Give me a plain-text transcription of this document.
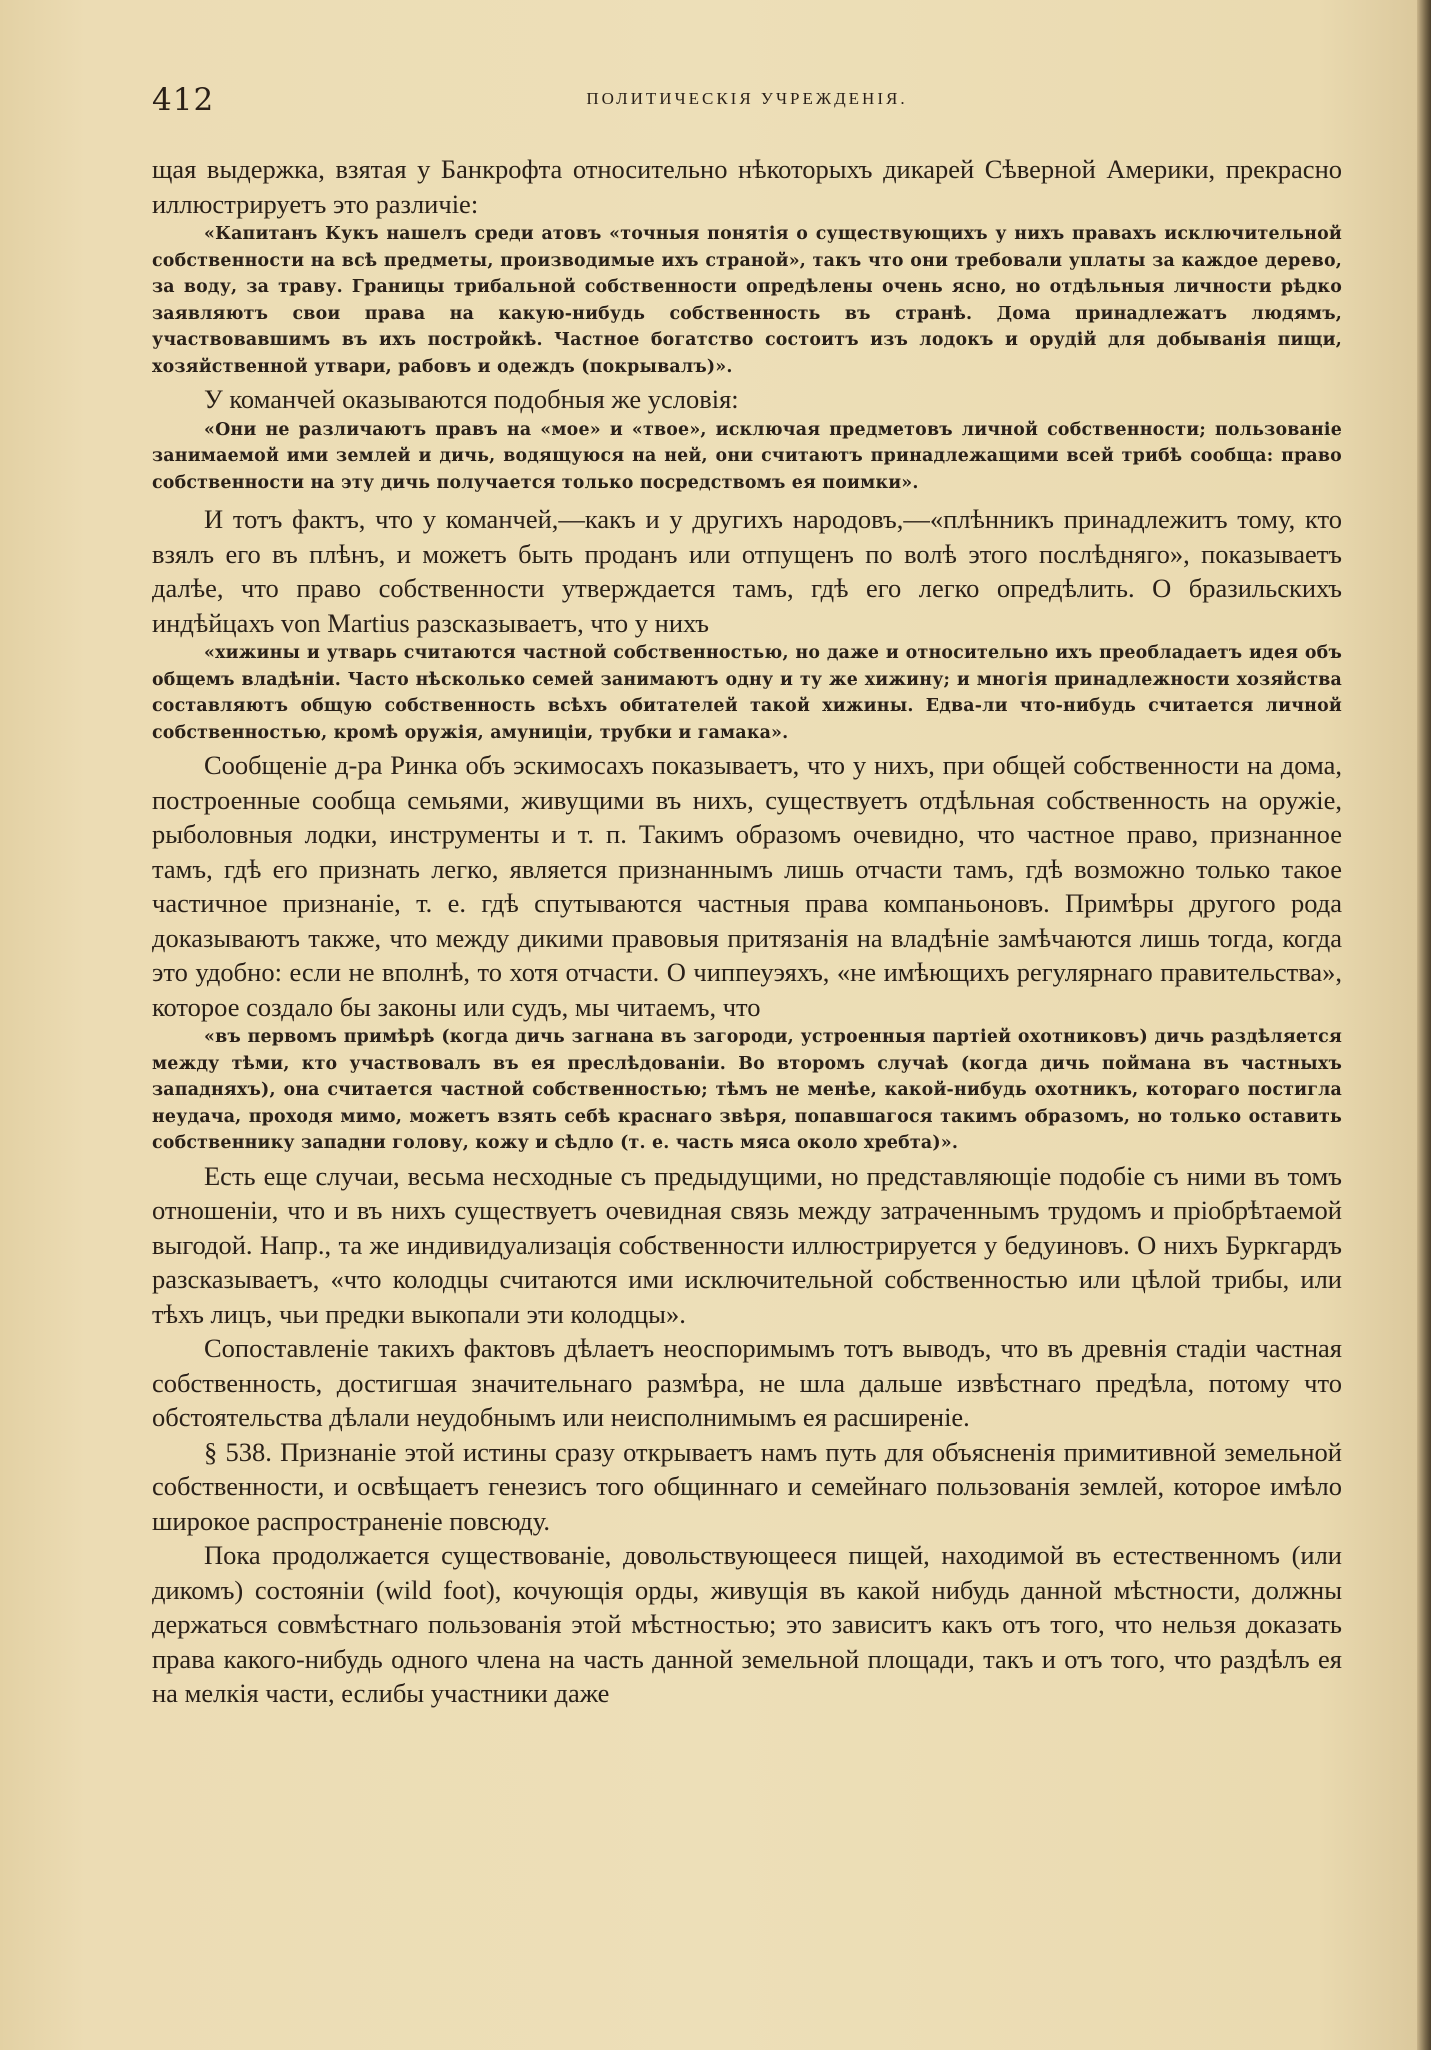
412	ПОЛИТИЧЕСКІЯ УЧРЕЖДЕНІЯ.

щая выдержка, взятая у Банкрофта относительно нѣкоторыхъ дикарей Сѣверной Америки, прекрасно иллюстрируетъ это различіе:

«Капитанъ Кукъ нашелъ среди атовъ «точныя понятія о существующихъ у нихъ правахъ исключительной собственности на всѣ предметы, производимые ихъ страной», такъ что они требовали уплаты за каждое дерево, за воду, за траву. Границы трибальной собственности опредѣлены очень ясно, но отдѣльныя личности рѣдко заявляютъ свои права на какую-нибудь собственность въ странѣ. Дома принадлежатъ людямъ, участвовавшимъ въ ихъ постройкѣ. Частное богатство состоитъ изъ лодокъ и орудій для добыванія пищи, хозяйственной утвари, рабовъ и одеждъ (покрывалъ)».

У команчей оказываются подобныя же условія:

«Они не различаютъ правъ на «мое» и «твое», исключая предметовъ личной собственности; пользованіе занимаемой ими землей и дичь, водящуюся на ней, они считаютъ принадлежащими всей трибѣ сообща: право собственности на эту дичь получается только посредствомъ ея поимки».

И тотъ фактъ, что у команчей,—какъ и у другихъ народовъ,—«плѣнникъ принадлежитъ тому, кто взялъ его въ плѣнъ, и можетъ быть проданъ или отпущенъ по волѣ этого послѣдняго», показываетъ далѣе, что право собственности утверждается тамъ, гдѣ его легко опредѣлить. О бразильскихъ индѣйцахъ von Martius разсказываетъ, что у нихъ

«хижины и утварь считаются частной собственностью, но даже и относительно ихъ преобладаетъ идея объ общемъ владѣніи. Часто нѣсколько семей занимаютъ одну и ту же хижину; и многія принадлежности хозяйства составляютъ общую собственность всѣхъ обитателей такой хижины. Едва-ли что-нибудь считается личной собственностью, кромѣ оружія, амуниціи, трубки и гамака».

Сообщеніе д-ра Ринка объ эскимосахъ показываетъ, что у нихъ, при общей собственности на дома, построенные сообща семьями, живущими въ нихъ, существуетъ отдѣльная собственность на оружіе, рыболовныя лодки, инструменты и т. п. Такимъ образомъ очевидно, что частное право, признанное тамъ, гдѣ его признать легко, является признаннымъ лишь отчасти тамъ, гдѣ возможно только такое частичное признаніе, т. е. гдѣ спутываются частныя права компаньоновъ. Примѣры другого рода доказываютъ также, что между дикими правовыя притязанія на владѣніе замѣчаются лишь тогда, когда это удобно: если не вполнѣ, то хотя отчасти. О чиппеуэяхъ, «не имѣющихъ регулярнаго правительства», которое создало бы законы или судъ, мы читаемъ, что

«въ первомъ примѣрѣ (когда дичь загнана въ загороди, устроенныя партіей охотниковъ) дичь раздѣляется между тѣми, кто участвовалъ въ ея преслѣдованіи. Во второмъ случаѣ (когда дичь поймана въ частныхъ западняхъ), она считается частной собственностью; тѣмъ не менѣе, какой-нибудь охотникъ, котораго постигла неудача, проходя мимо, можетъ взять себѣ краснаго звѣря, попавшагося такимъ образомъ, но только оставить собственнику западни голову, кожу и сѣдло (т. е. часть мяса около хребта)».

Есть еще случаи, весьма несходные съ предыдущими, но представляющіе подобіе съ ними въ томъ отношеніи, что и въ нихъ существуетъ очевидная связь между затраченнымъ трудомъ и пріобрѣтаемой выгодой. Напр., та же индивидуализація собственности иллюстрируется у бедуиновъ. О нихъ Буркгардъ разсказываетъ, «что колодцы считаются ими исключительной собственностью или цѣлой трибы, или тѣхъ лицъ, чьи предки выкопали эти колодцы».

Сопоставленіе такихъ фактовъ дѣлаетъ неоспоримымъ тотъ выводъ, что въ древнія стадіи частная собственность, достигшая значительнаго размѣра, не шла дальше извѣстнаго предѣла, потому что обстоятельства дѣлали неудобнымъ или неисполнимымъ ея расширеніе.

§ 538. Признаніе этой истины сразу открываетъ намъ путь для объясненія примитивной земельной собственности, и освѣщаетъ генезисъ того общиннаго и семейнаго пользованія землей, которое имѣло широкое распространеніе повсюду.

Пока продолжается существованіе, довольствующееся пищей, находимой въ естественномъ (или дикомъ) состояніи (wild foot), кочующія орды, живущія въ какой нибудь данной мѣстности, должны держаться совмѣстнаго пользованія этой мѣстностью; это зависитъ какъ отъ того, что нельзя доказать права какого-нибудь одного члена на часть данной земельной площади, такъ и отъ того, что раздѣлъ ея на мелкія части, еслибы участники даже
